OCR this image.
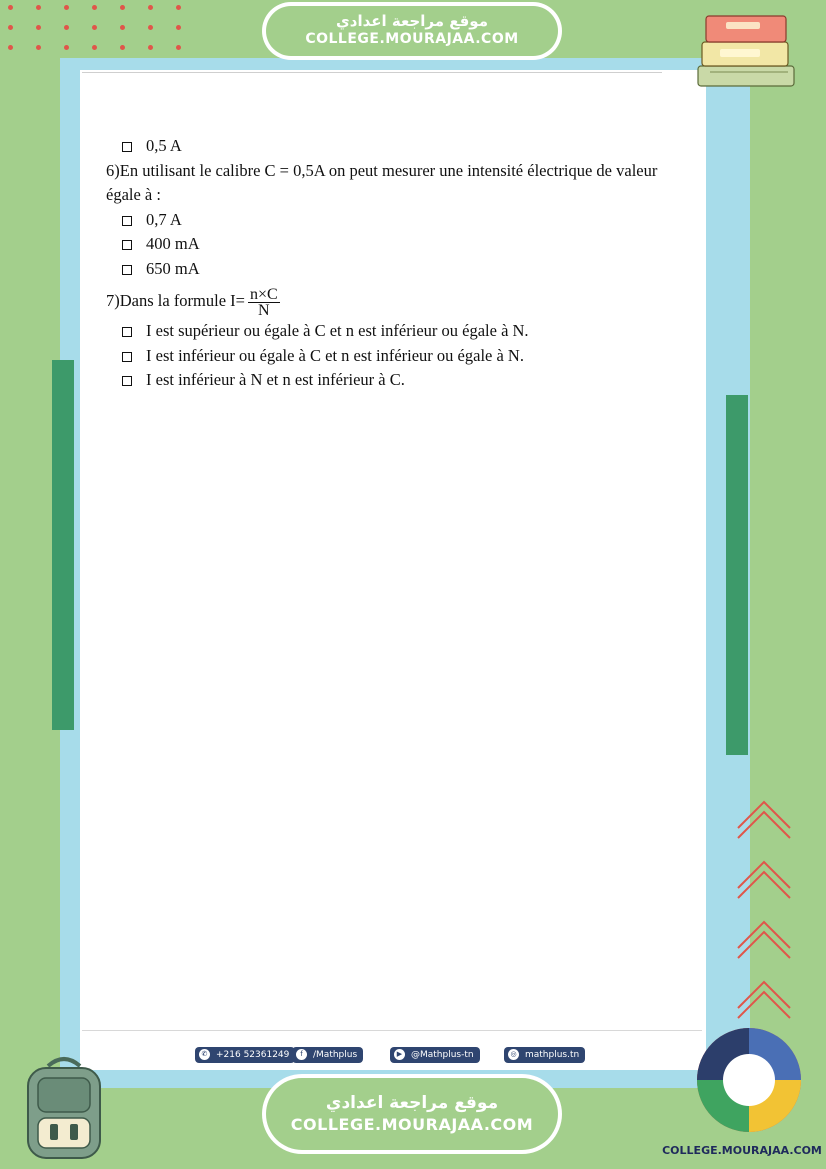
موقع مراجعة اعدادي
COLLEGE.MOURAJAA.COM
0,5 A
6)En utilisant le calibre C = 0,5A on peut mesurer une intensité électrique de valeur
égale à :
0,7 A
400 mA
650 mA
7)Dans la formule $I= \frac{n\times C}{N}$
I est supérieur ou égale à C et n est inférieur ou égale à N.
I est inférieur ou égale à C et n est inférieur ou égale à N.
I est inférieur à N et n est inférieur à C.
✆ +216 52361249	f /Mathplus	▶ @Mathplus-tn	◎ mathplus.tn
موقع مراجعة اعدادي
COLLEGE.MOURAJAA.COM
COLLEGE.MOURAJAA.COM
